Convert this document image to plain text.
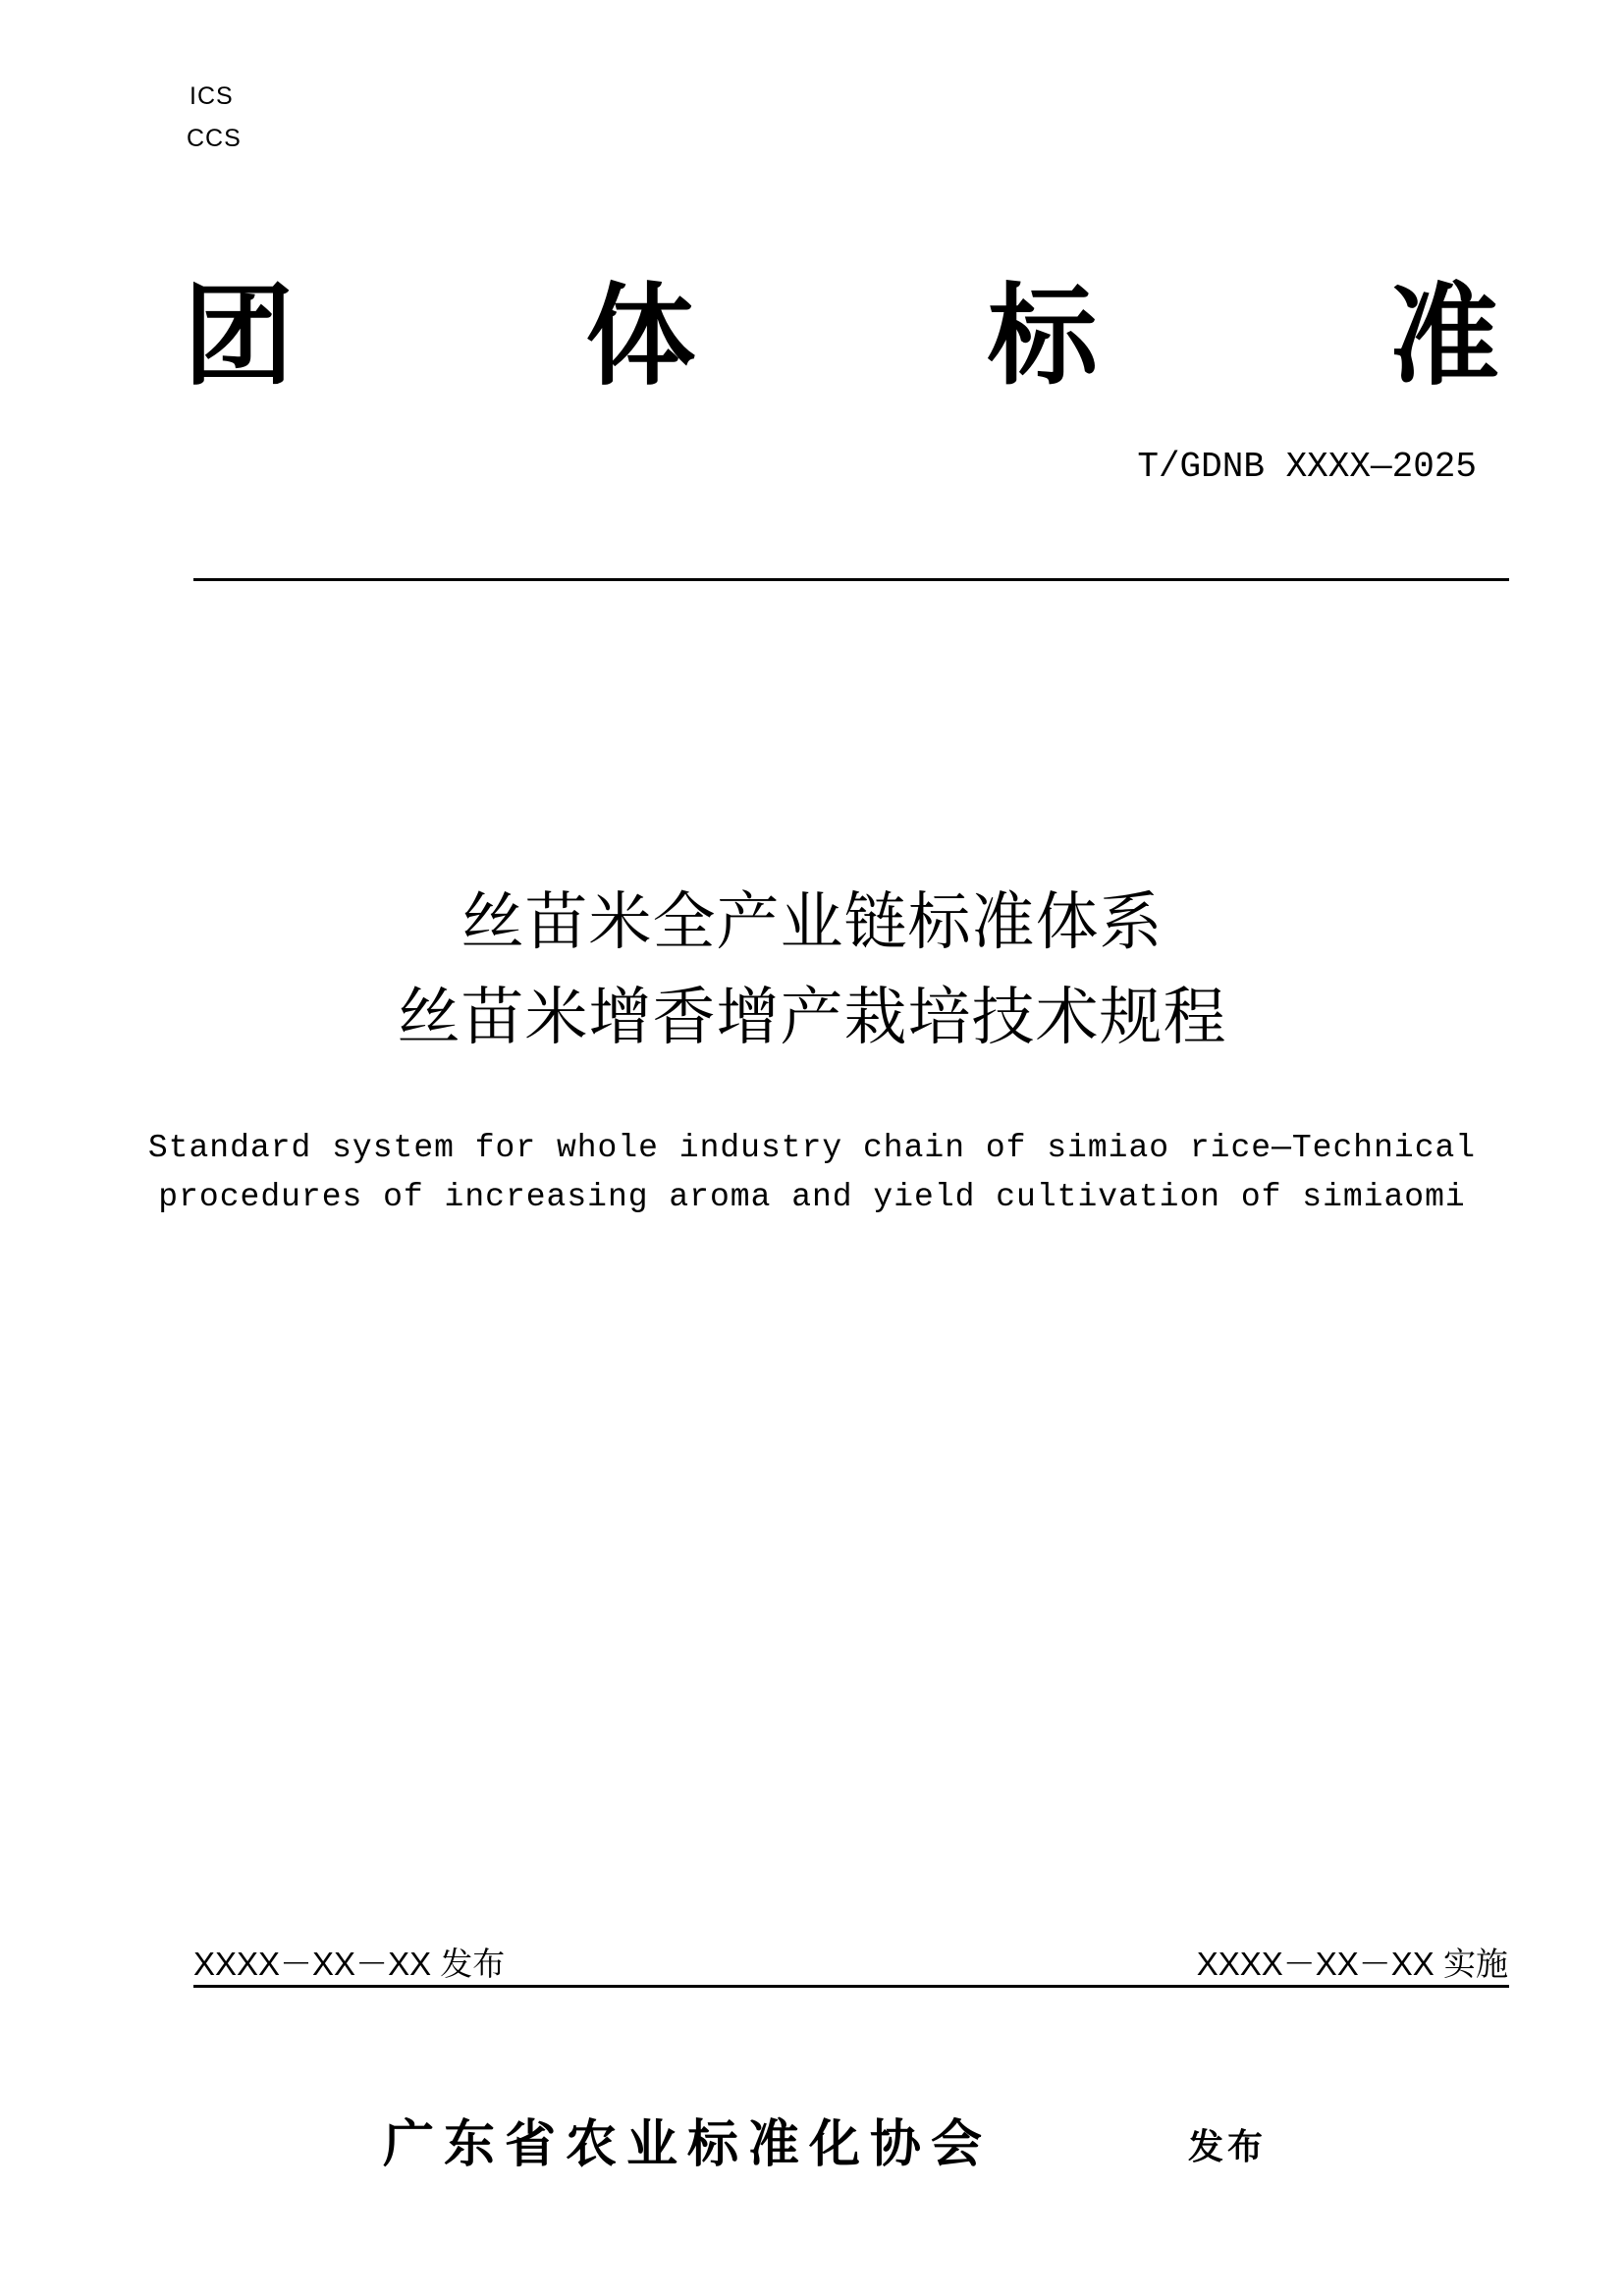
ICS
CCS
团	体	标	准
T/GDNB XXXX—2025
丝苗米全产业链标准体系
丝苗米增香增产栽培技术规程
Standard system for whole industry chain of simiao rice—Technical
procedures of increasing aroma and yield cultivation of simiaomi
XXXX－XX－XX 发布	XXXX－XX－XX 实施
广东省农业标准化协会	发布
